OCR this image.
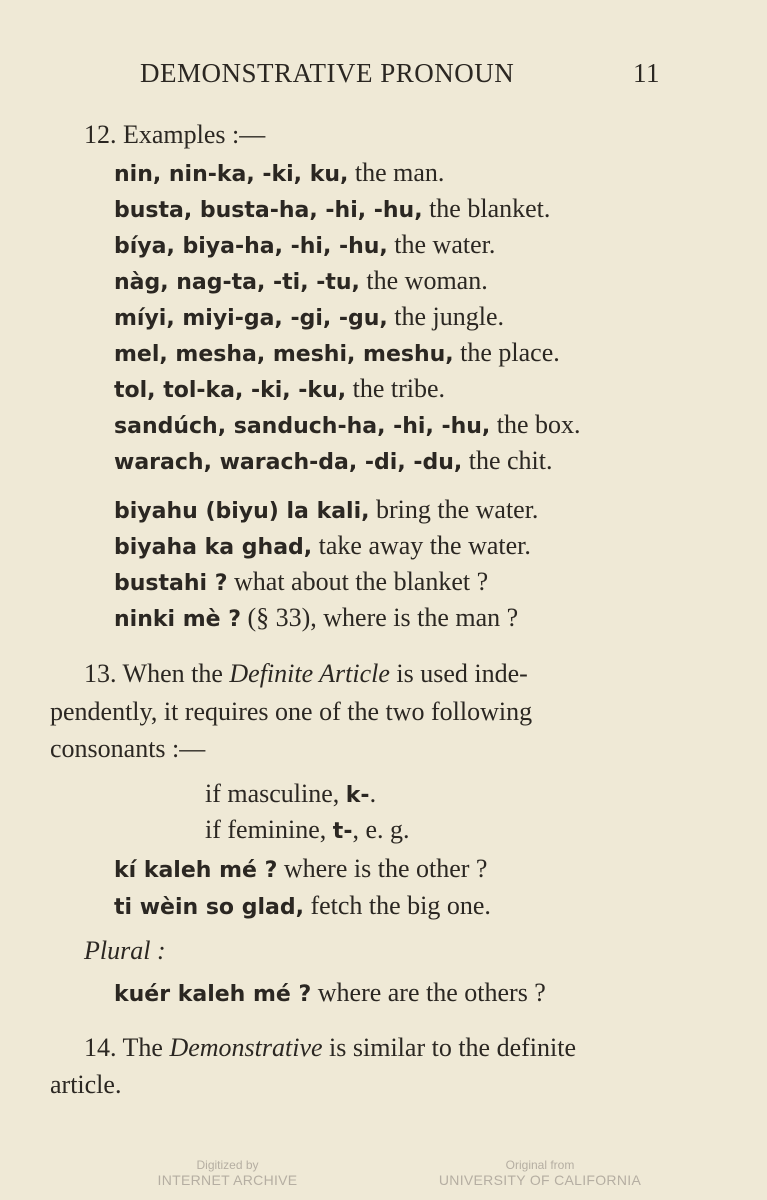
DEMONSTRATIVE PRONOUN	11
12. Examples :—
nin, nin-ka, -ki, ku, the man.
busta, busta-ha, -hi, -hu, the blanket.
bíya, biya-ha, -hi, -hu, the water.
nàg, nag-ta, -ti, -tu, the woman.
míyi, miyi-ga, -gi, -gu, the jungle.
mel, mesha, meshi, meshu, the place.
tol, tol-ka, -ki, -ku, the tribe.
sandúch, sanduch-ha, -hi, -hu, the box.
warach, warach-da, -di, -du, the chit.
biyahu (biyu) la kali, bring the water.
biyaha ka ghad, take away the water.
bustahi ? what about the blanket ?
ninki mè ? (§ 33), where is the man ?
13. When the Definite Article is used inde-
pendently, it requires one of the two following
consonants :—
if masculine, k-.
if feminine, t-, e. g.
kí kaleh mé ? where is the other ?
ti wèin so glad, fetch the big one.
Plural :
kuér kaleh mé ? where are the others ?
14. The Demonstrative is similar to the definite
article.
Digitized by
INTERNET ARCHIVE
Original from
UNIVERSITY OF CALIFORNIA
